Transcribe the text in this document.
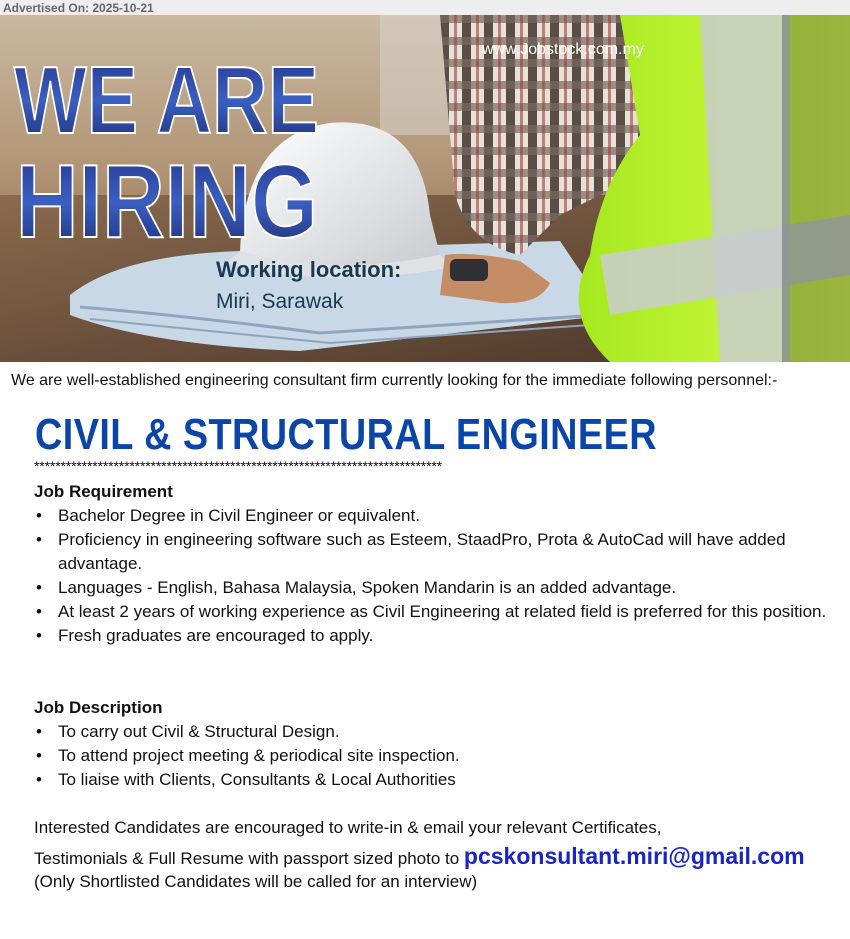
Advertised On: 2025-10-21
WE ARE
HIRING
www.Jobstock.com.my
Working location:
Miri, Sarawak
We are well-established engineering consultant firm currently looking for the immediate following personnel:-
CIVIL & STRUCTURAL ENGINEER
*****************************************************************************
Job Requirement
• Bachelor Degree in Civil Engineer or equivalent.
• Proficiency in engineering software such as Esteem, StaadPro, Prota & AutoCad will have added advantage.
• Languages - English, Bahasa Malaysia, Spoken Mandarin is an added advantage.
• At least 2 years of working experience as Civil Engineering at related field is preferred for this position.
• Fresh graduates are encouraged to apply.
Job Description
• To carry out Civil & Structural Design.
• To attend project meeting & periodical site inspection.
• To liaise with Clients, Consultants & Local Authorities
Interested Candidates are encouraged to write-in & email your relevant Certificates,
Testimonials & Full Resume with passport sized photo to pcskonsultant.miri@gmail.com
(Only Shortlisted Candidates will be called for an interview)
